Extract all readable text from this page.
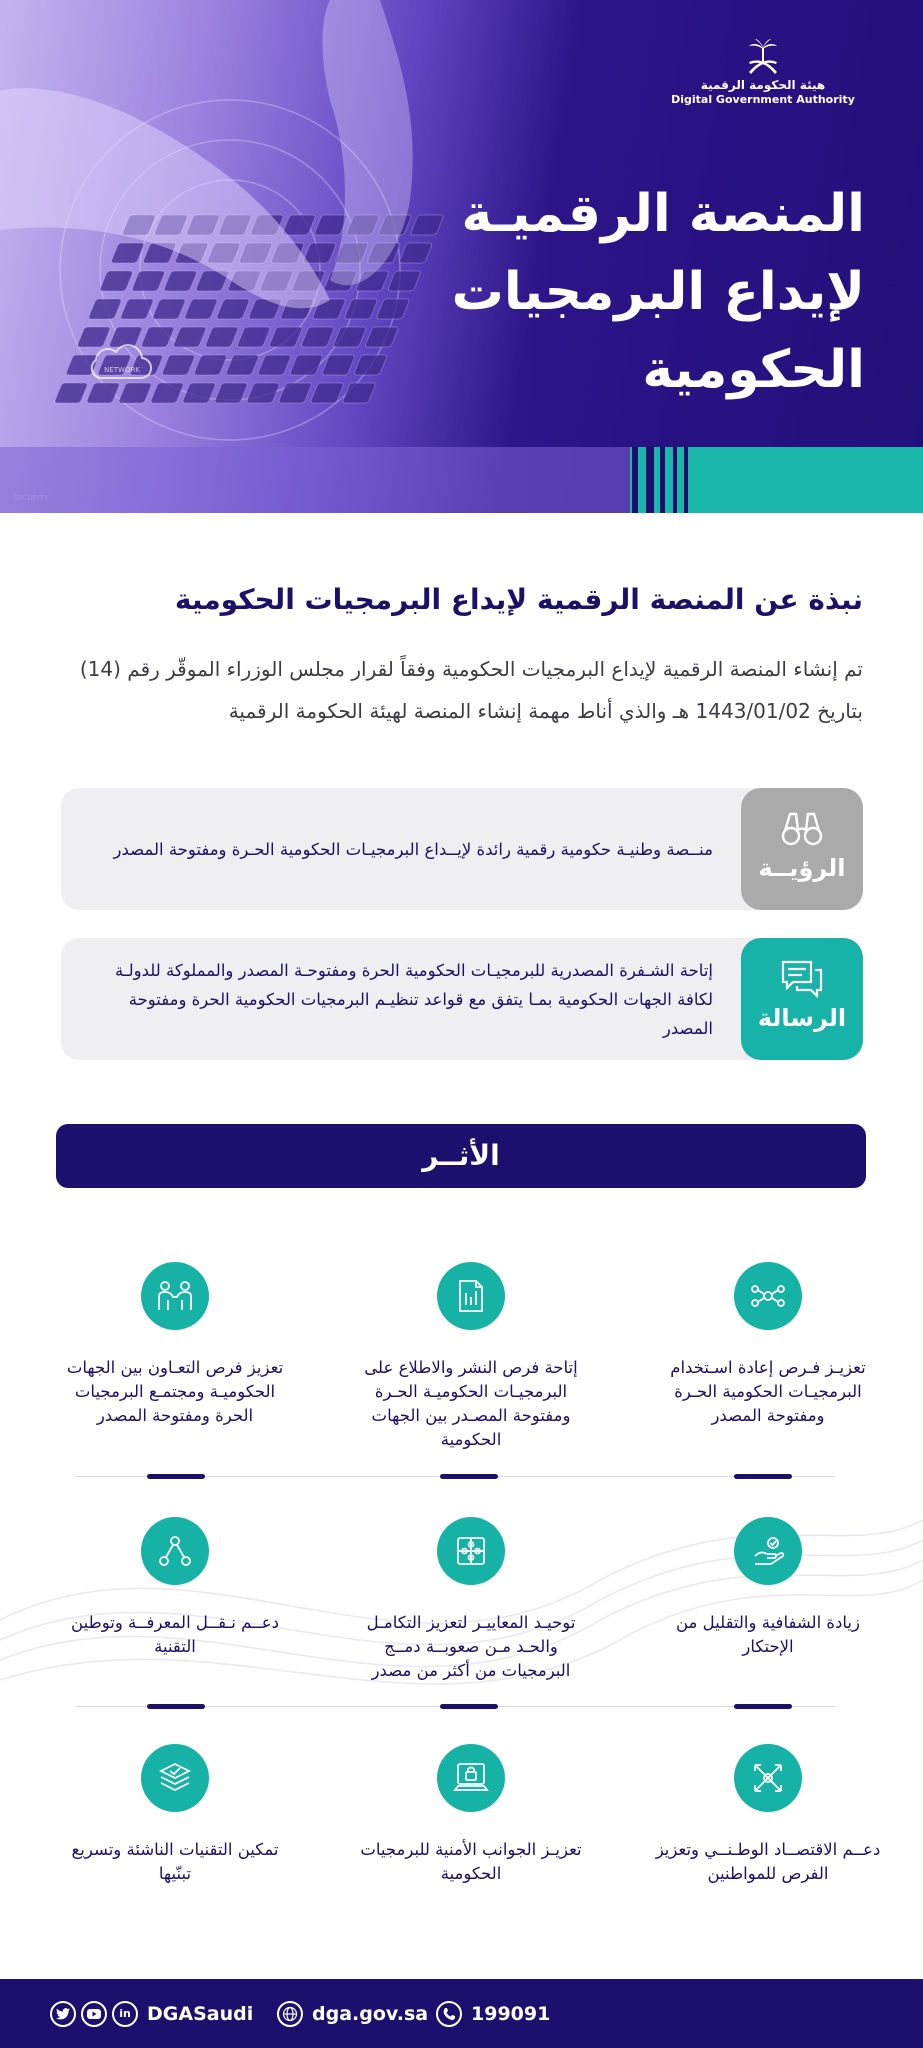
NETWORK
هيئة الحكومة الرقمية
Digital Government Authority
المنصة الرقميـة
لإيداع البرمجيات
الحكومية
نبذة عن المنصة الرقمية لإيداع البرمجيات الحكومية

تم إنشاء المنصة الرقمية لإيداع البرمجيات الحكومية وفقاً لقرار مجلس الوزراء الموقّر رقم (14) بتاريخ 1443/01/02 هـ والذي أناط مهمة إنشاء المنصة لهيئة الحكومة الرقمية

الرؤيــة
منــصة وطنيـة حكومية رقمية رائدة لإيــداع البرمجيـات الحكومية الحـرة ومفتوحة المصدر
الرسالة
إتاحة الشـفرة المصدرية للبرمجيـات الحكومية الحرة ومفتوحـة المصدر والمملوكة للدولـة لكافة الجهات الحكومية بمـا يتفق مع قواعد تنظيـم البرمجيات الحكومية الحرة ومفتوحة المصدر
الأثــر
تعزيـز فـرص إعادة اسـتخدام البرمجيـات الحكومية الحـرة ومفتوحة المصدر
إتاحة فرص النشر والاطلاع على البرمجيـات الحكوميـة الحـرة ومفتوحة المصـدر بين الجهات الحكومية
تعزيز فرص التعـاون بين الجهات الحكوميـة ومجتمـع البرمجيات الحرة ومفتوحة المصدر
زيادة الشفافية والتقليل من الإحتكار
توحيـد المعاييـر لتعزيز التكامـل والحـد مـن صعوبــة دمــج البرمجيات من أكثر من مصدر
دعــم نـقــل المعرفــة وتوطين التقنية
دعــم الاقتصــاد الوطـنــي وتعزيز الفرص للمواطنين
تعزيـز الجوانب الأمنية للبرمجيات الحكومية
تمكين التقنيات الناشئة وتسريع تبنّيها
in DGASaudi	dga.gov.sa 199091
